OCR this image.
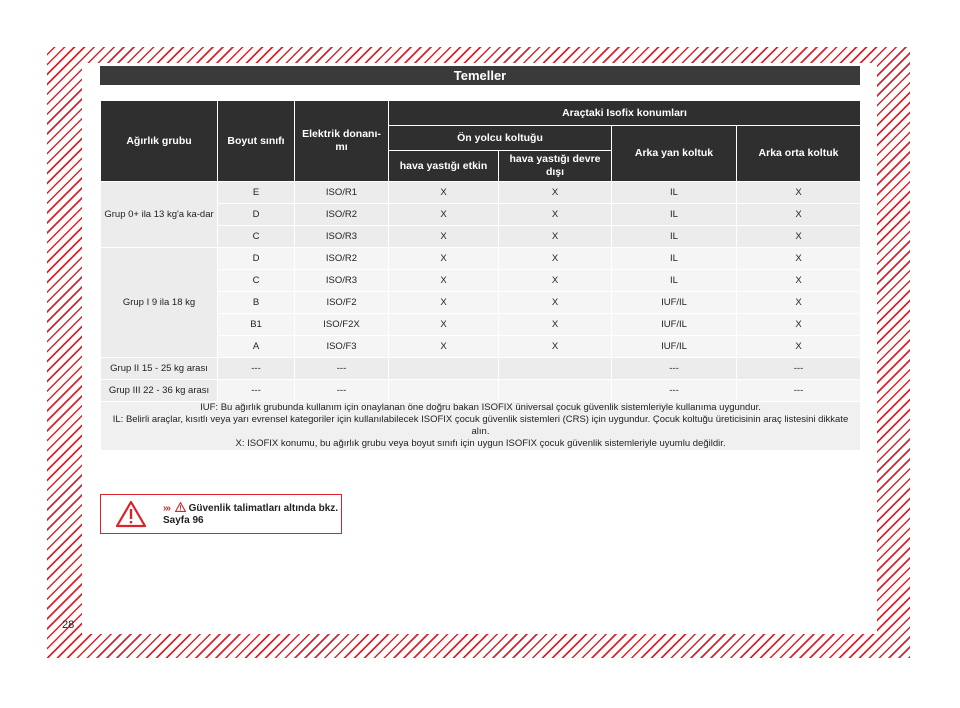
Temeller
Ağırlık grubu	Boyut sınıfı	Elektrik donanı-mı	Araçtaki Isofix konumları			
			Ön yolcu koltuğu		Arka yan koltuk	Arka orta koltuk
			hava yastığı etkin	hava yastığı devre dışı		
Grup 0+ ila 13 kg'a ka-dar	E	ISO/R1	X	X	IL	X
	D	ISO/R2	X	X	IL	X
	C	ISO/R3	X	X	IL	X
Grup I 9 ila 18 kg	D	ISO/R2	X	X	IL	X
	C	ISO/R3	X	X	IL	X
	B	ISO/F2	X	X	IUF/IL	X
	B1	ISO/F2X	X	X	IUF/IL	X
	A	ISO/F3	X	X	IUF/IL	X
Grup II 15 - 25 kg arası	---	---			---	---
Grup III 22 - 36 kg arası	---	---			---	---

IUF: Bu ağırlık grubunda kullanım için onaylanan öne doğru bakan ISOFIX üniversal çocuk güvenlik sistemleriyle kullanıma uygundur.
IL: Belirli araçlar, kısıtlı veya yarı evrensel kategoriler için kullanılabilecek ISOFIX çocuk güvenlik sistemleri (CRS) için uygundur. Çocuk koltuğu üreticisinin araç listesini dikkate alın.
X: ISOFIX konumu, bu ağırlık grubu veya boyut sınıfı için uygun ISOFIX çocuk güvenlik sistemleriyle uyumlu değildir.						
››› Güvenlik talimatları altında bkz.
Sayfa 96
28
